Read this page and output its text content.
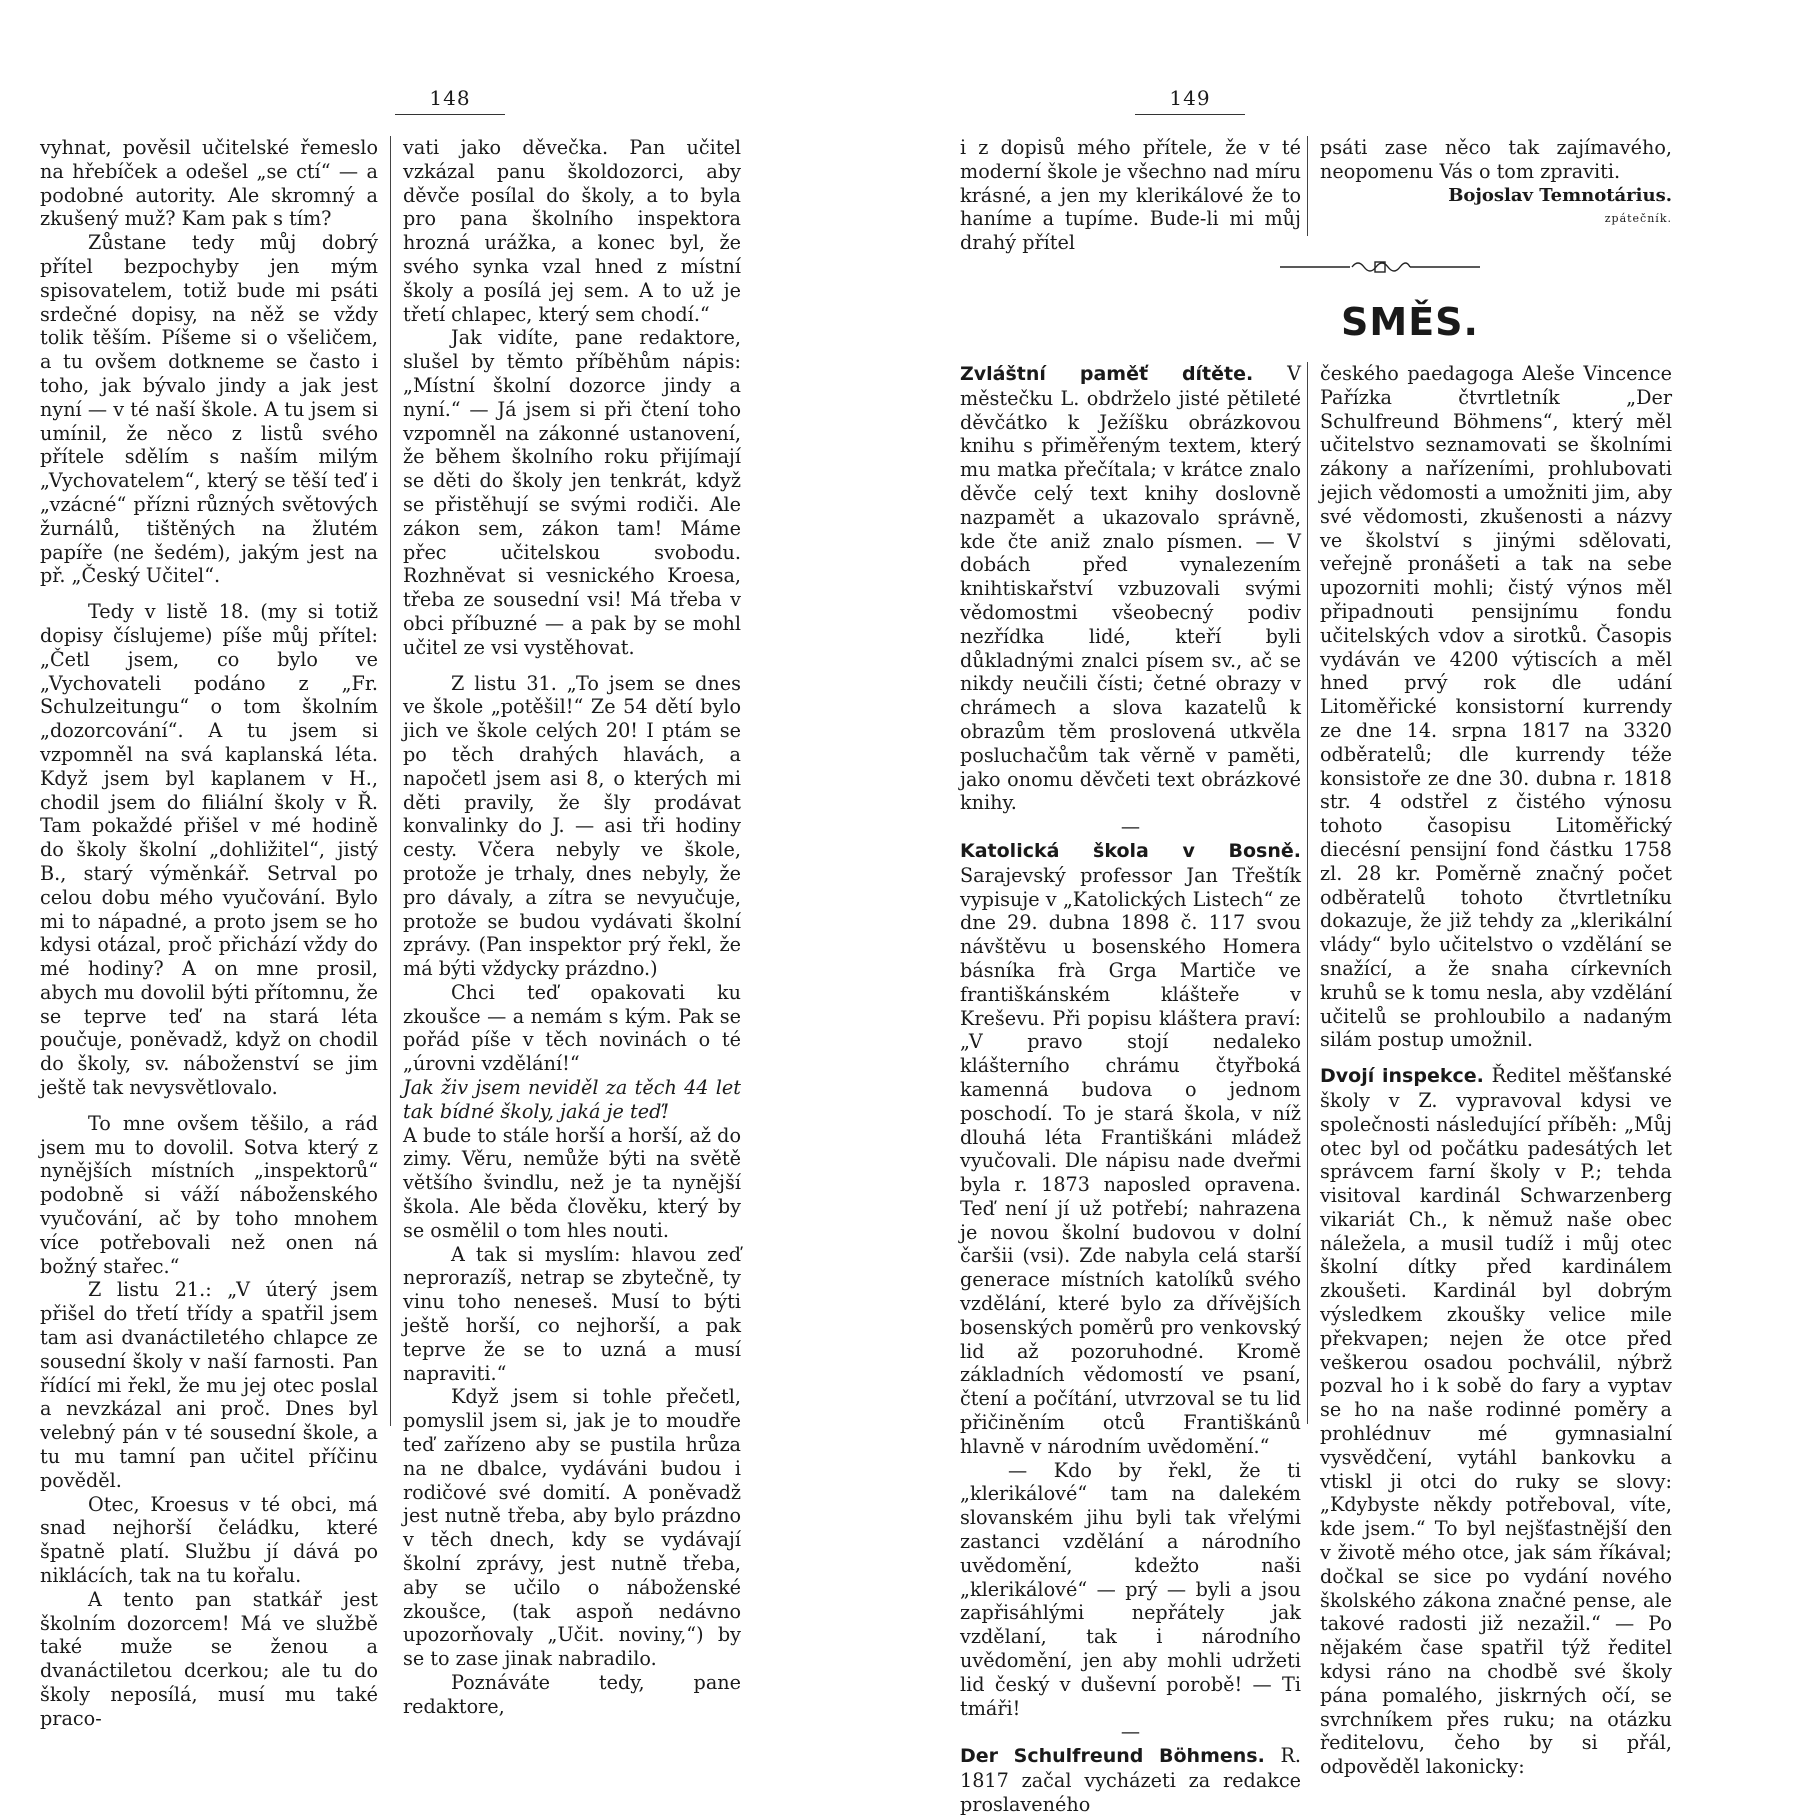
148

vyhnat, pověsil učitelské řemeslo na hřebíček a odešel „se ctí“ — a podobné autority. Ale skromný a zkušený muž? Kam pak s tím?

Zůstane tedy můj dobrý přítel bezpochyby jen mým spisovatelem, totiž bude mi psáti srdečné dopisy, na něž se vždy tolik těším. Píšeme si o všeličem, a tu ovšem dotkneme se často i toho, jak bývalo jindy a jak jest nyní — v té naší škole. A tu jsem si umínil, že něco z listů svého přítele sdělím s naším milým „Vychovatelem“, který se těší teď i „vzácné“ přízni různých světových žurnálů, tištěných na žlutém papíře (ne šedém), jakým jest na př. „Český Učitel“.

Tedy v listě 18. (my si totiž dopisy číslujeme) píše můj přítel: „Četl jsem, co bylo ve „Vychovateli podáno z „Fr. Schulzeitungu“ o tom školním „dozorcování“. A tu jsem si vzpomněl na svá kaplanská léta. Když jsem byl kaplanem v H., chodil jsem do filiální školy v Ř. Tam pokaždé přišel v mé hodině do školy školní „dohližitel“, jistý B., starý výměnkář. Setrval po celou dobu mého vyučování. Bylo mi to nápadné, a proto jsem se ho kdysi otázal, proč přichází vždy do mé hodiny? A on mne prosil, abych mu dovolil býti přítomnu, že se teprve teď na stará léta poučuje, poněvadž, když on chodil do školy, sv. náboženství se jim ještě tak nevysvětlovalo.

To mne ovšem těšilo, a rád jsem mu to dovolil. Sotva který z nynějších místních „inspektorů“ podobně si váží náboženského vyučování, ač by toho mnohem více potřebovali než onen ná božný stařec.“

Z listu 21.: „V úterý jsem přišel do třetí třídy a spatřil jsem tam asi dvanáctiletého chlapce ze sousední školy v naší farnosti. Pan řídící mi řekl, že mu jej otec poslal a nevzkázal ani proč. Dnes byl velebný pán v té sousední škole, a tu mu tamní pan učitel příčinu pověděl.

Otec, Kroesus v té obci, má snad nejhorší čeládku, které špatně platí. Službu jí dává po niklácích, tak na tu kořalu.

A tento pan statkář jest školním dozorcem! Má ve službě také muže se ženou a dvanáctiletou dcerkou; ale tu do školy neposílá, musí mu také praco-

vati jako děvečka. Pan učitel vzkázal panu školdozorci, aby děvče posílal do školy, a to byla pro pana školního inspektora hrozná urážka, a konec byl, že svého synka vzal hned z místní školy a posílá jej sem. A to už je třetí chlapec, který sem chodí.“

Jak vidíte, pane redaktore, slušel by těmto příběhům nápis: „Místní školní dozorce jindy a nyní.“ — Já jsem si při čtení toho vzpomněl na zákonné ustanovení, že během školního roku přijímají se děti do školy jen tenkrát, když se přistěhují se svými rodiči. Ale zákon sem, zákon tam! Máme přec učitelskou svobodu. Rozhněvat si vesnického Kroesa, třeba ze sousední vsi! Má třeba v obci příbuzné — a pak by se mohl učitel ze vsi vystěhovat.

Z listu 31. „To jsem se dnes ve škole „potěšil!“ Ze 54 dětí bylo jich ve škole celých 20! I ptám se po těch drahých hlavách, a napočetl jsem asi 8, o kterých mi děti pravily, že šly prodávat konvalinky do J. — asi tři hodiny cesty. Včera nebyly ve škole, protože je trhaly, dnes nebyly, že pro dávaly, a zítra se nevyučuje, protože se budou vydávati školní zprávy. (Pan inspektor prý řekl, že má býti vždycky prázdno.)

Chci teď opakovati ku zkoušce — a nemám s kým. Pak se pořád píše v těch novinách o té „úrovni vzdělání!“

Jak živ jsem neviděl za těch 44 let tak bídné školy, jaká je teď!

A bude to stále horší a horší, až do zimy. Věru, nemůže býti na světě většího švindlu, než je ta nynější škola. Ale běda člověku, který by se osmělil o tom hles nouti.

A tak si myslím: hlavou zeď neprorazíš, netrap se zbytečně, ty vinu toho neneseš. Musí to býti ještě horší, co nejhorší, a pak teprve že se to uzná a musí napraviti.“

Když jsem si tohle přečetl, pomyslil jsem si, jak je to moudře teď zařízeno aby se pustila hrůza na ne dbalce, vydáváni budou i rodičové své domití. A poněvadž jest nutně třeba, aby bylo prázdno v těch dnech, kdy se vydávají školní zprávy, jest nutně třeba, aby se učilo o náboženské zkoušce, (tak aspoň nedávno upozorňovaly „Učit. noviny,“) by se to zase jinak nabradilo.

Poznáváte tedy, pane redaktore,

149

i z dopisů mého přítele, že v té moderní škole je všechno nad míru krásné, a jen my klerikálové že to haníme a tupíme. Bude-li mi můj drahý přítel

psáti zase něco tak zajímavého, neopomenu Vás o tom zpraviti.

Bojoslav Temnotárius.

zpátečník.

SMĚS.

Zvláštní paměť dítěte. V městečku L. obdrželo jisté pětileté děvčátko k Ježíšku obrázkovou knihu s přiměřeným textem, který mu matka přečítala; v krátce znalo děvče celý text knihy doslovně nazpamět a ukazovalo správně, kde čte aniž znalo písmen. — V dobách před vynalezením knihtiskařství vzbuzovali svými vědomostmi všeobecný podiv nezřídka lidé, kteří byli důkladnými znalci písem sv., ač se nikdy neučili čísti; četné obrazy v chrámech a slova kazatelů k obrazům těm proslovená utkvěla posluchačům tak věrně v paměti, jako onomu děvčeti text obrázkové knihy.

—

Katolická škola v Bosně. Sarajevský professor Jan Třeštík vypisuje v „Katolických Listech“ ze dne 29. dubna 1898 č. 117 svou návštěvu u bosenského Homera básníka frà Grga Martiče ve františkánském klášteře v Kreševu. Při popisu kláštera praví: „V pravo stojí nedaleko klášterního chrámu čtyřboká kamenná budova o jednom poschodí. To je stará škola, v níž dlouhá léta Františkáni mládež vyučovali. Dle nápisu nade dveřmi byla r. 1873 naposled opravena. Teď není jí už potřebí; nahrazena je novou školní budovou v dolní čaršii (vsi). Zde nabyla celá starší generace místních katolíků svého vzdělání, které bylo za dřívějších bosenských poměrů pro venkovský lid až pozoruhodné. Kromě základních vědomostí ve psaní, čtení a počítání, utvrzoval se tu lid přičiněním otců Františkánů hlavně v národním uvědomění.“

— Kdo by řekl, že ti „klerikálové“ tam na dalekém slovanském jihu byli tak vřelými zastanci vzdělání a národního uvědomění, kdežto naši „klerikálové“ — prý — byli a jsou zapřisáhlými nepřátely jak vzdělaní, tak i národního uvědomění, jen aby mohli udržeti lid český v duševní porobě! — Ti tmáři!

—

Der Schulfreund Böhmens. R. 1817 začal vycházeti za redakce proslaveného

českého paedagoga Aleše Vincence Pařízka čtvrtletník „Der Schulfreund Böhmens“, který měl učitelstvo seznamovati se školními zákony a nařízeními, prohlubovati jejich vědomosti a umožniti jim, aby své vědomosti, zkušenosti a názvy ve školství s jinými sdělovati, veřejně pronášeti a tak na sebe upozorniti mohli; čistý výnos měl připadnouti pensijnímu fondu učitelských vdov a sirotků. Časopis vydáván ve 4200 výtiscích a měl hned prvý rok dle udání Litoměřické konsistorní kurrendy ze dne 14. srpna 1817 na 3320 odběratelů; dle kurrendy téže konsistoře ze dne 30. dubna r. 1818 str. 4 odstřel z čistého výnosu tohoto časopisu Litoměřický diecésní pensijní fond částku 1758 zl. 28 kr. Poměrně značný počet odběratelů tohoto čtvrtletníku dokazuje, že již tehdy za „klerikální vlády“ bylo učitelstvo o vzdělání se snažící, a že snaha církevních kruhů se k tomu nesla, aby vzdělání učitelů se prohloubilo a nadaným silám postup umožnil.

Dvojí inspekce. Ředitel měšťanské školy v Z. vypravoval kdysi ve společnosti následující příběh: „Můj otec byl od počátku padesátých let správcem farní školy v P.; tehda visitoval kardinál Schwarzenberg vikariát Ch., k němuž naše obec náležela, a musil tudíž i můj otec školní dítky před kardinálem zkoušeti. Kardinál byl dobrým výsledkem zkoušky velice mile překvapen; nejen že otce před veškerou osadou pochválil, nýbrž pozval ho i k sobě do fary a vyptav se ho na naše rodinné poměry a prohlédnuv mé gymnasialní vysvědčení, vytáhl bankovku a vtiskl ji otci do ruky se slovy: „Kdybyste někdy potřeboval, víte, kde jsem.“ To byl nejšťastnější den v životě mého otce, jak sám říkával; dočkal se sice po vydání nového školského zákona značné pense, ale takové radosti již nezažil.“ — Po nějakém čase spatřil týž ředitel kdysi ráno na chodbě své školy pána pomalého, jiskrných očí, se svrchníkem přes ruku; na otázku ředitelovu, čeho by si přál, odpověděl lakonicky:
